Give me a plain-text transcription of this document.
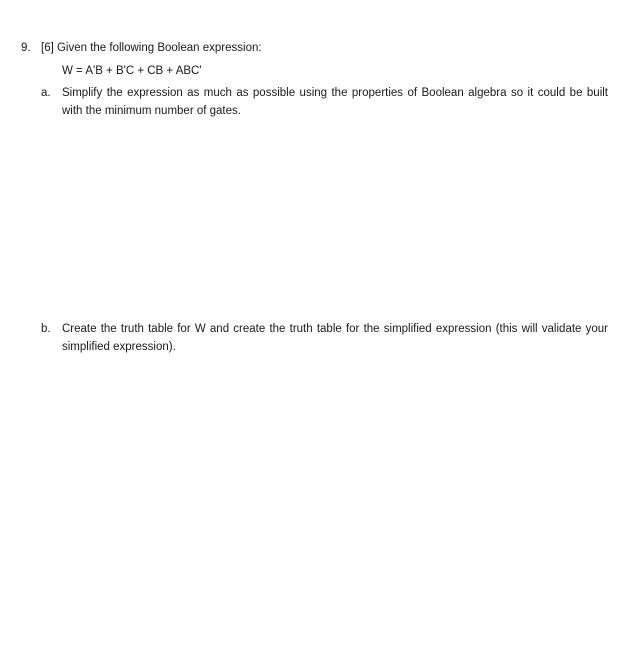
9. [6] Given the following Boolean expression:
W = A'B + B'C + CB + ABC'
a. Simplify the expression as much as possible using the properties of Boolean algebra so it could be built with the minimum number of gates.
b. Create the truth table for W and create the truth table for the simplified expression (this will validate your simplified expression).
